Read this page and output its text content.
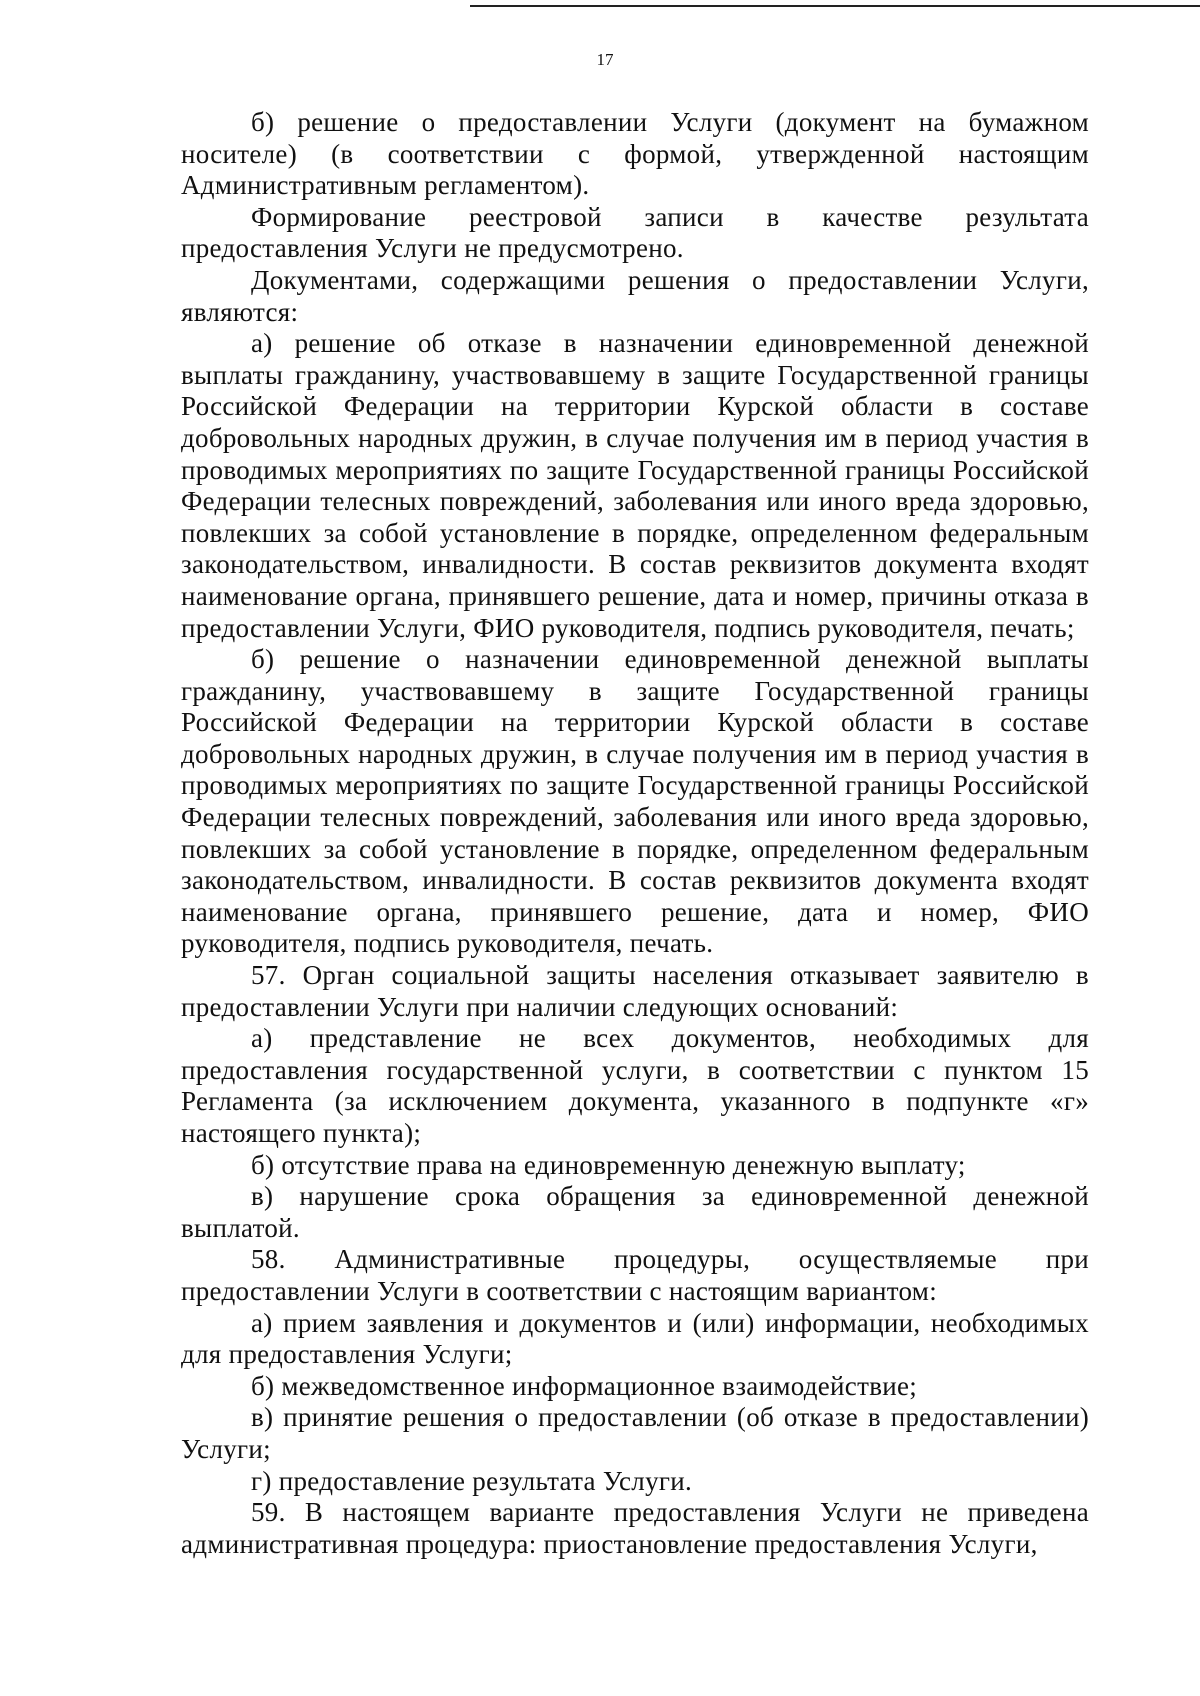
17

б) решение о предоставлении Услуги (документ на бумажном носителе) (в соответствии с формой, утвержденной настоящим Административным регламентом).

Формирование реестровой записи в качестве результата предоставления Услуги не предусмотрено.

Документами, содержащими решения о предоставлении Услуги, являются:

а) решение об отказе в назначении единовременной денежной выплаты гражданину, участвовавшему в защите Государственной границы Российской Федерации на территории Курской области в составе добровольных народных дружин, в случае получения им в период участия в проводимых мероприятиях по защите Государственной границы Российской Федерации телесных повреждений, заболевания или иного вреда здоровью, повлекших за собой установление в порядке, определенном федеральным законодательством, инвалидности. В состав реквизитов документа входят наименование органа, принявшего решение, дата и номер, причины отказа в предоставлении Услуги, ФИО руководителя, подпись руководителя, печать;

б) решение о назначении единовременной денежной выплаты гражданину, участвовавшему в защите Государственной границы Российской Федерации на территории Курской области в составе добровольных народных дружин, в случае получения им в период участия в проводимых мероприятиях по защите Государственной границы Российской Федерации телесных повреждений, заболевания или иного вреда здоровью, повлекших за собой установление в порядке, определенном федеральным законодательством, инвалидности. В состав реквизитов документа входят наименование органа, принявшего решение, дата и номер, ФИО руководителя, подпись руководителя, печать.

57. Орган социальной защиты населения отказывает заявителю в предоставлении Услуги при наличии следующих оснований:

а) представление не всех документов, необходимых для предоставления государственной услуги, в соответствии с пунктом 15 Регламента (за исключением документа, указанного в подпункте «г» настоящего пункта);

б) отсутствие права на единовременную денежную выплату;

в) нарушение срока обращения за единовременной денежной выплатой.

58. Административные процедуры, осуществляемые при предоставлении Услуги в соответствии с настоящим вариантом:

а) прием заявления и документов и (или) информации, необходимых для предоставления Услуги;

б) межведомственное информационное взаимодействие;

в) принятие решения о предоставлении (об отказе в предоставлении) Услуги;

г) предоставление результата Услуги.

59. В настоящем варианте предоставления Услуги не приведена административная процедура: приостановление предоставления Услуги,
